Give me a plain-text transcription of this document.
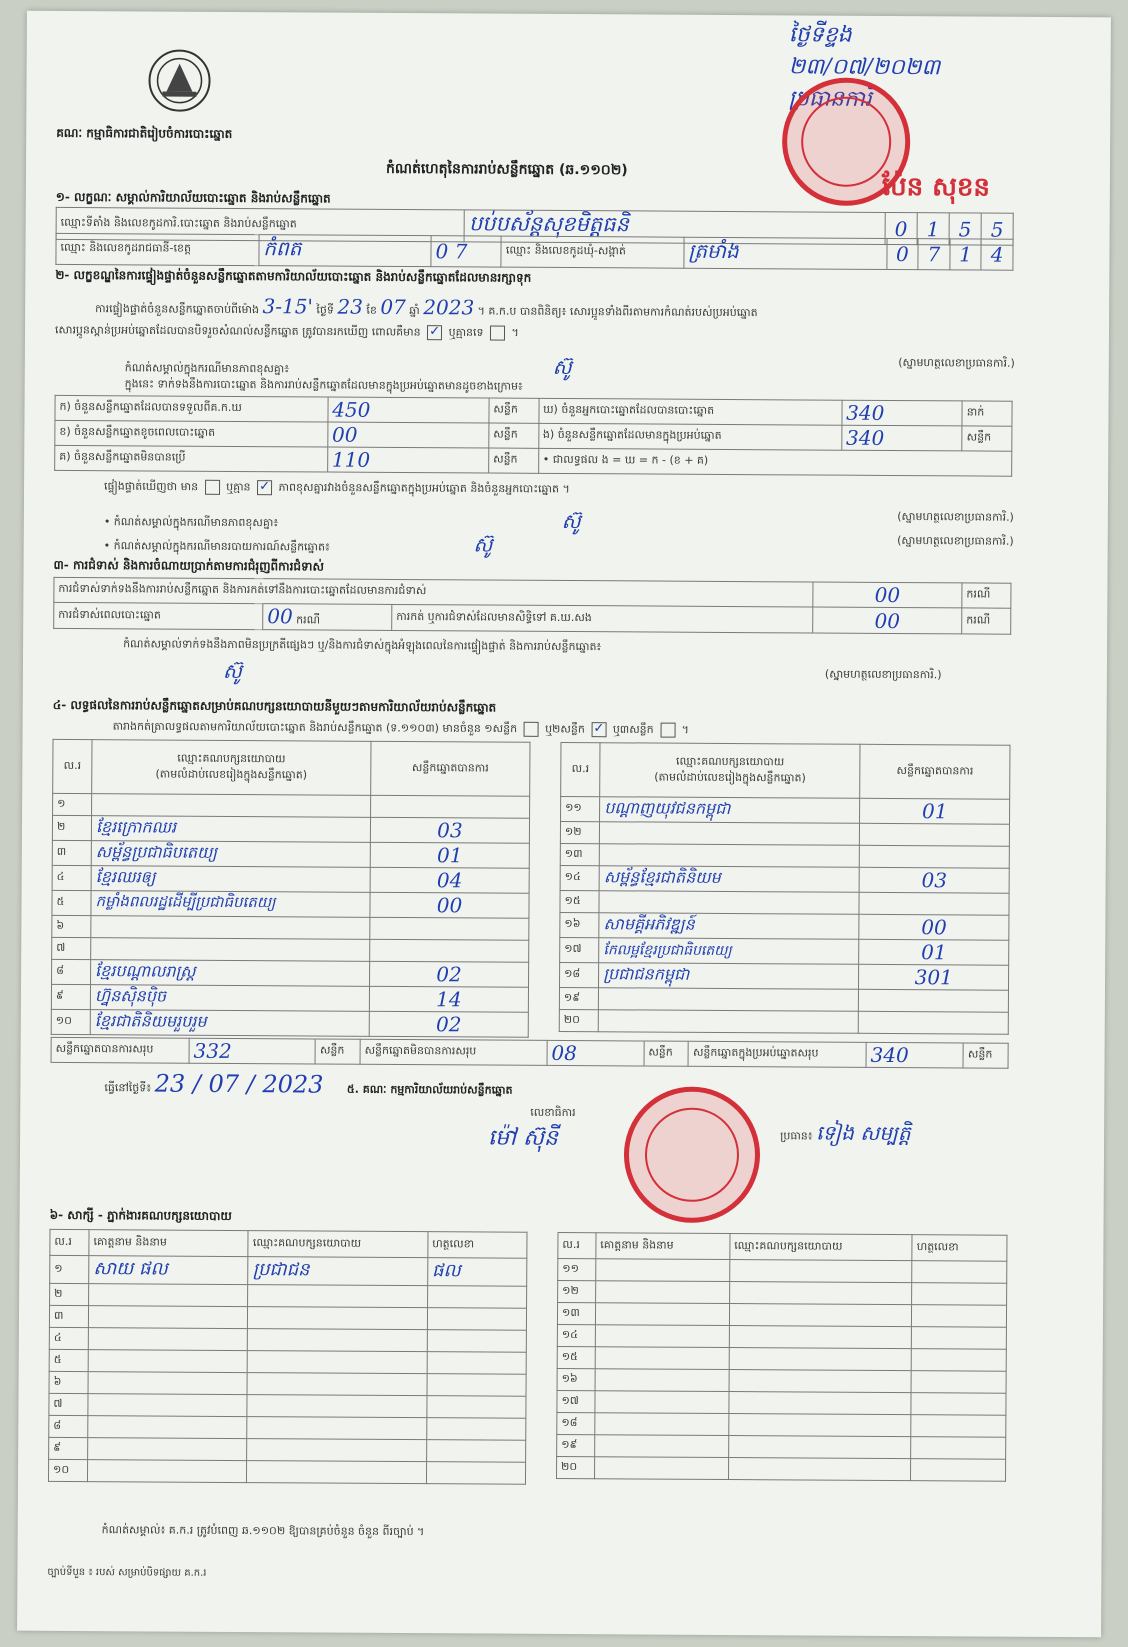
គណៈ កម្មាធិការជាតិរៀបចំការបោះឆ្នោត
កំណត់ហេតុនៃការរាប់សន្លឹកឆ្នោត (ឆ.១១០២)
ថ្ងៃទីខ្ទង
២៣/០៧/២០២៣
ប្រធានការិ
ប៉ែន សុខន
១- លក្ខណៈ សម្គាល់ការិយាល័យបោះឆ្នោត និងរាប់សន្លឹកឆ្នោត
ឈ្មោះទីតាំង និងលេខកូដការិ.បោះឆ្នោត និងរាប់សន្លឹកឆ្នោត	បប់បស័ន្តសុខមិត្តធនិ	0	1	5	5
ឈ្មោះ និងលេខកូដរាជធានី-ខេត្ត	កំពត	0 7	ឈ្មោះ និងលេខកូដឃុំ-សង្កាត់	ត្រមាំង	0	7	1	4
២- លក្ខខណ្ឌនៃការផ្ទៀងផ្ទាត់ចំនួនសន្លឹកឆ្នោតតាមការិយាល័យបោះឆ្នោត និងរាប់សន្លឹកឆ្នោតដែលមានរក្សាទុក
ការផ្ទៀងផ្ទាត់ចំនួនសន្លឹកឆ្នោតចាប់ពីម៉ោង 3-15' ថ្ងៃទី 23 ខែ 07 ឆ្នាំ 2023 ។ គ.ក.ប បានពិនិត្យ៖ សោរប្អូនទាំងពីរតាមការកំណត់របស់ប្រអប់ឆ្នោត
សោរប្អូនស្ពាន់ប្រអប់ឆ្នោតដែលបានបិទរួចសំណល់សន្លឹកឆ្នោត ត្រូវបានរកឃើញ ពោលគឺមាន ✓ ឬគ្មានទេ  ។
កំណត់សម្គាល់ក្នុងករណីមានភាពខុសគ្នា៖	ស៊ូ	(ស្នាមហត្ថលេខាប្រធានការិ.)
ក្នុងនេះ ទាក់ទងនឹងការបោះឆ្នោត និងការរាប់សន្លឹកឆ្នោតដែលមានក្នុងប្រអប់ឆ្នោតមានដូចខាងក្រោម៖
ក) ចំនួនសន្លឹកឆ្នោតដែលបានទទួលពីគ.ក.ឃ	450	សន្លឹក	ឃ) ចំនួនអ្នកបោះឆ្នោតដែលបានបោះឆ្នោត	340	នាក់
ខ) ចំនួនសន្លឹកឆ្នោតខូចពេលបោះឆ្នោត	00	សន្លឹក	ង) ចំនួនសន្លឹកឆ្នោតដែលមានក្នុងប្រអប់ឆ្នោត	340	សន្លឹក
គ) ចំនួនសន្លឹកឆ្នោតមិនបានប្រើ	110	សន្លឹក	• ជាលទ្ធផល ង = ឃ = ក - (ខ + គ)		
ផ្ទៀងផ្ទាត់ឃើញថា មាន	ឬគ្មាន ✓ ភាពខុសគ្នារវាងចំនួនសន្លឹកឆ្នោតក្នុងប្រអប់ឆ្នោត និងចំនួនអ្នកបោះឆ្នោត ។
• កំណត់សម្គាល់ក្នុងករណីមានភាពខុសគ្នា៖	ស៊ូ	(ស្នាមហត្ថលេខាប្រធានការិ.)
• កំណត់សម្គាល់ក្នុងករណីមានរបាយការណ៍សន្លឹកឆ្នោត៖	ស៊ូ	(ស្នាមហត្ថលេខាប្រធានការិ.)
៣- ការជំទាស់ និងការចំណាយប្រាក់តាមការជំរុញពីការជំទាស់
ការជំទាស់ទាក់ទងនឹងការរាប់សន្លឹកឆ្នោត និងការកត់ទៅនឹងការបោះឆ្នោតដែលមានការជំទាស់			00	ករណី
ការជំទាស់ពេលបោះឆ្នោត	00 ករណី	ការកត់ ឬការជំទាស់ដែលមានសិទ្ធិទៅ គ.ឃ.សង	00	ករណី
កំណត់សម្គាល់ទាក់ទងនឹងភាពមិនប្រក្រតីផ្សេងៗ ឬ/និងការជំទាស់ក្នុងអំឡុងពេលនៃការផ្ទៀងផ្ទាត់ និងការរាប់សន្លឹកឆ្នោត៖
ស៊ូ	(ស្នាមហត្ថលេខាប្រធានការិ.)
៤- លទ្ធផលនៃការរាប់សន្លឹកឆ្នោតសម្រាប់គណបក្សនយោបាយនីមួយៗតាមការិយាល័យរាប់សន្លឹកឆ្នោត
តារាងកត់ត្រាលទ្ធផលតាមការិយាល័យបោះឆ្នោត និងរាប់សន្លឹកឆ្នោត (ទ.១១០៣) មានចំនួន ១សន្លឹក	ឬ២សន្លឹក ✓ ឬ៣សន្លឹក  ។
ល.រ	ឈ្មោះគណបក្សនយោបាយ
(តាមលំដាប់លេខរៀងក្នុងសន្លឹកឆ្នោត)	សន្លឹកឆ្នោតបានការ
១		
២	ខ្មែរក្រោកឈរ	03
៣	សម្ព័ន្ធប្រជាធិបតេយ្យ	01
៤	ខ្មែរឈរឲ្យ	04
៥	កម្លាំងពលរដ្ឋដើម្បីប្រជាធិបតេយ្យ	00
៦		
៧		
៨	ខ្មែរបណ្ដាលរាស្ត្រ	02
៩	ហ្វ៊ុនស៊ិនប៉ិច	14
១០	ខ្មែរជាតិនិយមរួបរួម	02
ល.រ	ឈ្មោះគណបក្សនយោបាយ
(តាមលំដាប់លេខរៀងក្នុងសន្លឹកឆ្នោត)	សន្លឹកឆ្នោតបានការ
១១	បណ្ដាញយុវជនកម្ពុជា	01
១២		
១៣		
១៤	សម្ព័ន្ធខ្មែរជាតិនិយម	03
១៥		
១៦	សាមគ្គីអភិវឌ្ឍន៍	00
១៧	កែលម្អខ្មែរប្រជាធិបតេយ្យ	01
១៨	ប្រជាជនកម្ពុជា	301
១៩		
២០		
សន្លឹកឆ្នោតបានការសរុប	332	សន្លឹក	សន្លឹកឆ្នោតមិនបានការសរុប	08	សន្លឹក	សន្លឹកឆ្នោតក្នុងប្រអប់ឆ្នោតសរុប	340	សន្លឹក
ធ្វើនៅថ្ងៃទី៖ 23 / 07 / 2023 ៥. គណៈ កម្មការិយាល័យរាប់សន្លឹកឆ្នោត
លេខាធិការ
ម៉ៅ ស៊ុនី	ប្រធាន៖ ទៀង សម្បត្តិ
៦- សាក្សី - ភ្នាក់ងារគណបក្សនយោបាយ
ល.រ	គោត្តនាម និងនាម	ឈ្មោះគណបក្សនយោបាយ	ហត្ថលេខា
១	សាយ ផល	ប្រជាជន	ផល
២			
៣			
៤			
៥			
៦			
៧			
៨			
៩			
១០			
ល.រ	គោត្តនាម និងនាម	ឈ្មោះគណបក្សនយោបាយ	ហត្ថលេខា
១១			
១២			
១៣			
១៤			
១៥			
១៦			
១៧			
១៨			
១៩			
២០			
កំណត់សម្គាល់៖ គ.ក.រ ត្រូវបំពេញ ឆ.១១០២ ឱ្យបានគ្រប់ចំនួន ចំនួន ពីរច្បាប់ ។
ច្បាប់ទីបួន ៖ របស់ សម្រាប់បិទផ្សាយ គ.ក.រ
